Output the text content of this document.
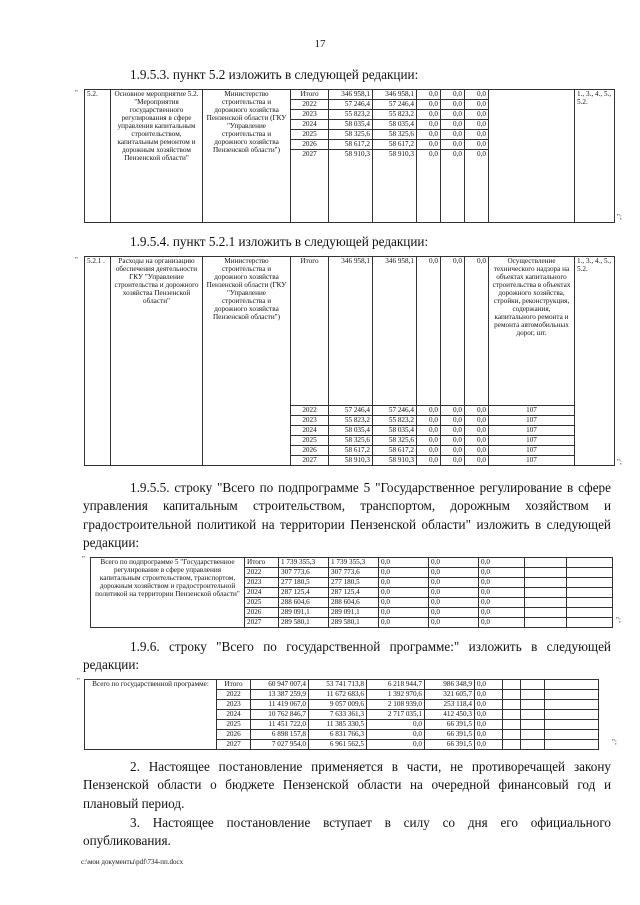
17
1.9.5.3. пункт 5.2 изложить в следующей редакции:
" 5.2.	Основное мероприятие 5.2. "Мероприятия государственного регулирования в сфере управления капитальным строительством, капитальным ремонтом и дорожным хозяйством Пензенской области"	Министерство строительства и дорожного хозяйства Пензенской области (ГКУ "Управление строительства и дорожного хозяйства Пензенской области")	Итого	346 958,1	346 958,1	0,0	0,0	0,0		1., 3., 4., 5., 5.2.
			2022	57 246,4	57 246,4	0,0	0,0	0,0		
			2023	55 823,2	55 823,2	0,0	0,0	0,0		
			2024	58 035,4	58 035,4	0,0	0,0	0,0		
			2025	58 325,6	58 325,6	0,0	0,0	0,0		
			2026	58 617,2	58 617,2	0,0	0,0	0,0		
			2027	58 910,3	58 910,3	0,0	0,0	0,0		
";
1.9.5.4. пункт 5.2.1 изложить в следующей редакции:
" 5.2.1 .	Расходы на организацию обеспечения деятельности ГКУ "Управление строительства и дорожного хозяйства Пензенской области"	Министерство строительства и дорожного хозяйства Пензенской области (ГКУ "Управление строительства и дорожного хозяйства Пензенской области")	Итого	346 958,1	346 958,1	0,0	0,0	0,0	Осуществление технического надзора на объектах капитального строительства в объектах дорожного хозяйства, стройки, реконструкция, содержания, капитального ремонта и ремонта автомобильных дорог, шт.	1., 3., 4., 5., 5.2.
			2022	57 246,4	57 246,4	0,0	0,0	0,0	107	
			2023	55 823,2	55 823,2	0,0	0,0	0,0	107	
			2024	58 035,4	58 035,4	0,0	0,0	0,0	107	
			2025	58 325,6	58 325,6	0,0	0,0	0,0	107	
			2026	58 617,2	58 617,2	0,0	0,0	0,0	107	
			2027	58 910,3	58 910,3	0,0	0,0	0,0	107		";
1.9.5.5. строку "Всего по подпрограмме 5 "Государственное регулирование в сфере управления капитальным строительством, транспортом, дорожным хозяйством и градостроительной политикой на территории Пензенской области" изложить в следующей редакции:
" Всего по подпрограмме 5 "Государственное регулирование в сфере управления капитальным строительством, транспортом, дорожным хозяйством и градостроительной политикой на территории Пензенской области"	Итого	1 739 355,3	1 739 355,3	0,0	0,0	0,0			
	2022	307 773,6	307 773,6	0,0	0,0	0,0			
	2023	277 180,5	277 180,5	0,0	0,0	0,0			
	2024	287 125,4	287 125,4	0,0	0,0	0,0			
	2025	288 604,6	288 604,6	0,0	0,0	0,0			
	2026	289 091,1	289 091,1	0,0	0,0	0,0			
	2027	289 580,1	289 580,1	0,0	0,0	0,0				";
1.9.6. строку "Всего по государственной программе:" изложить в следующей редакции:
" Всего по государственной программе:	Итого	60 947 007,4	53 741 713,8	6 218 944,7	986 348,9	0,0			
	2022	13 387 259,9	11 672 683,6	1 392 970,6	321 605,7	0,0			
	2023	11 419 067,0	9 057 009,6	2 108 939,0	253 118,4	0,0			
	2024	10 762 846,7	7 633 361,3	2 717 035,1	412 450,3	0,0			
	2025	11 451 722,0	11 385 330,5	0,0	66 391,5	0,0			
	2026	6 898 157,8	6 831 766,3	0,0	66 391,5	0,0			
	2027	7 027 954,0	6 961 562,5	0,0	66 391,5	0,0				";
2. Настоящее постановление применяется в части, не противоречащей закону Пензенской области о бюджете Пензенской области на очередной финансовый год и плановый период.
3. Настоящее постановление вступает в силу со дня его официального опубликования.
c:\мои документы\pdf\734-пп.docx
